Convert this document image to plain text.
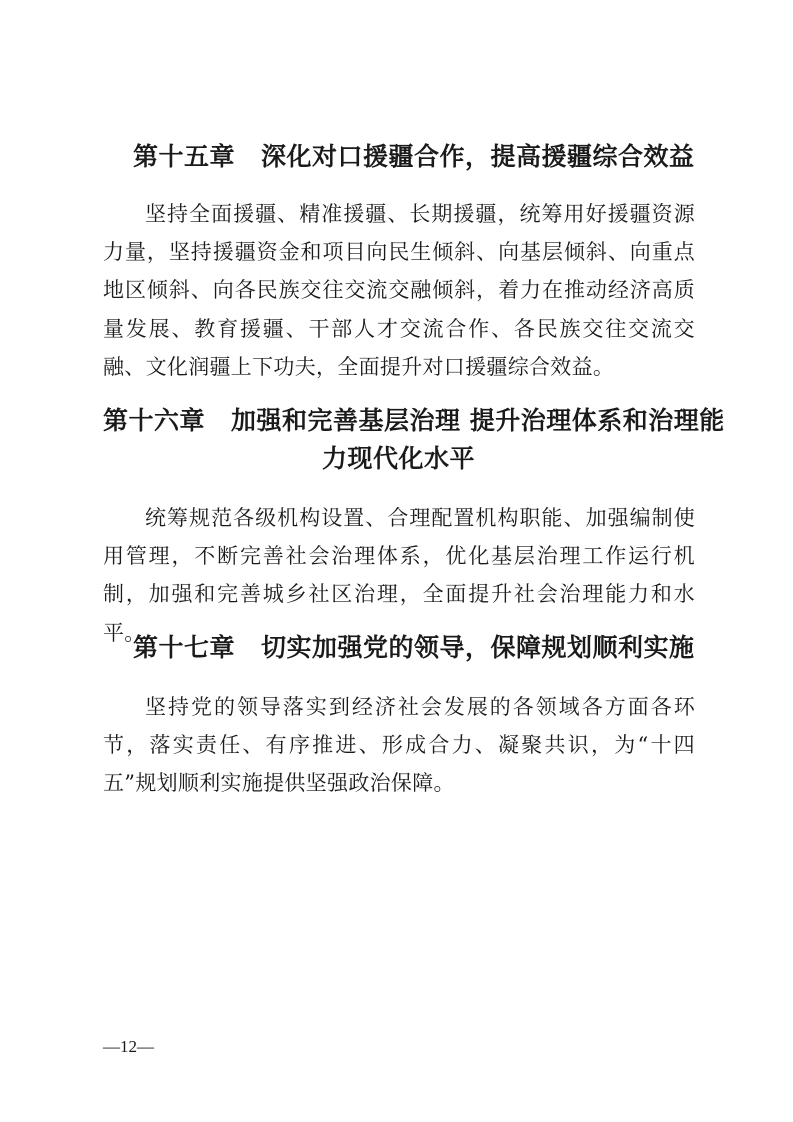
第十五章 深化对口援疆合作，提高援疆综合效益
坚持全面援疆、精准援疆、长期援疆，统筹用好援疆资源力量，坚持援疆资金和项目向民生倾斜、向基层倾斜、向重点地区倾斜、向各民族交往交流交融倾斜，着力在推动经济高质量发展、教育援疆、干部人才交流合作、各民族交往交流交融、文化润疆上下功夫，全面提升对口援疆综合效益。
第十六章 加强和完善基层治理 提升治理体系和治理能
力现代化水平
统筹规范各级机构设置、合理配置机构职能、加强编制使用管理，不断完善社会治理体系，优化基层治理工作运行机制，加强和完善城乡社区治理，全面提升社会治理能力和水平。
第十七章 切实加强党的领导，保障规划顺利实施
坚持党的领导落实到经济社会发展的各领域各方面各环节，落实责任、有序推进、形成合力、凝聚共识，为“十四五”规划顺利实施提供坚强政治保障。
—12—
